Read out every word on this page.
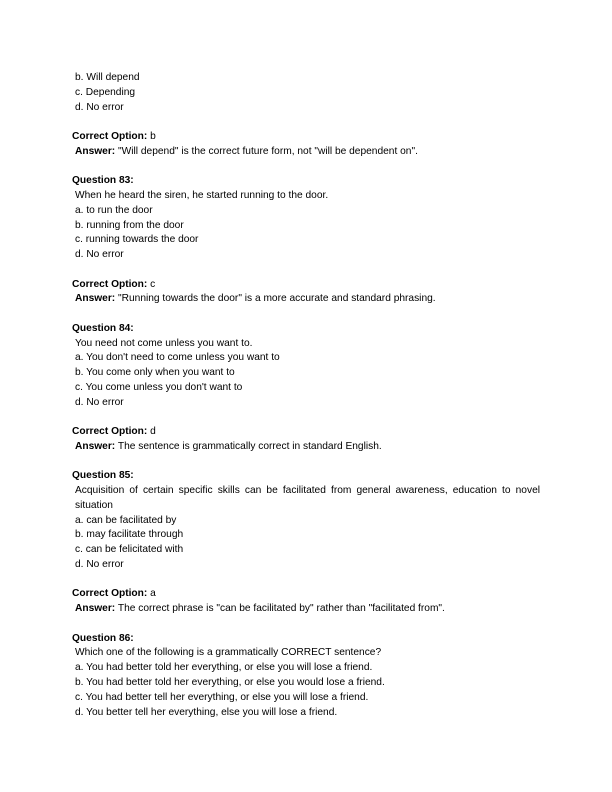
b. Will depend
c. Depending
d. No error
Correct Option: b
Answer: "Will depend" is the correct future form, not "will be dependent on".
Question 83:
When he heard the siren, he started running to the door.
a. to run the door
b. running from the door
c. running towards the door
d. No error
Correct Option: c
Answer: "Running towards the door" is a more accurate and standard phrasing.
Question 84:
You need not come unless you want to.
a. You don't need to come unless you want to
b. You come only when you want to
c. You come unless you don't want to
d. No error
Correct Option: d
Answer: The sentence is grammatically correct in standard English.
Question 85:
Acquisition of certain specific skills can be facilitated from general awareness, education to novel situation
a. can be facilitated by
b. may facilitate through
c. can be felicitated with
d. No error
Correct Option: a
Answer: The correct phrase is "can be facilitated by" rather than "facilitated from".
Question 86:
Which one of the following is a grammatically CORRECT sentence?
a. You had better told her everything, or else you will lose a friend.
b. You had better told her everything, or else you would lose a friend.
c. You had better tell her everything, or else you will lose a friend.
d. You better tell her everything, else you will lose a friend.
